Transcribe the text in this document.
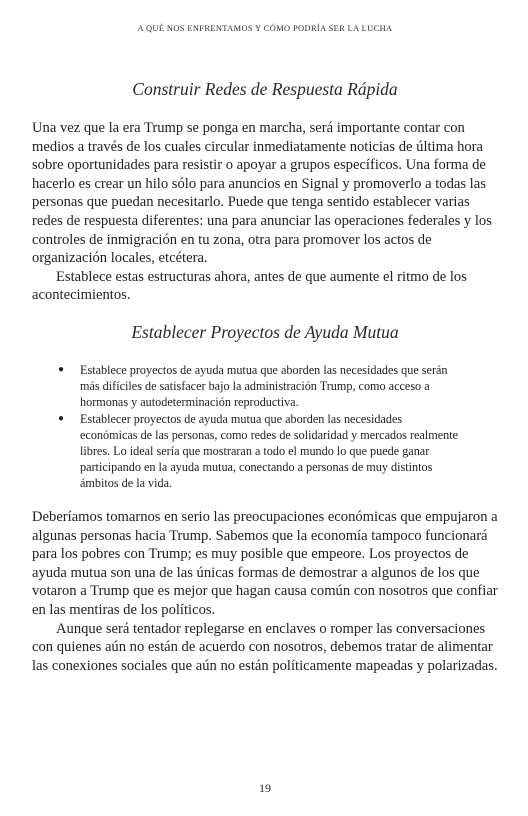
A QUÉ NOS ENFRENTAMOS Y CÓMO PODRÍA SER LA LUCHA
Construir Redes de Respuesta Rápida

Una vez que la era Trump se ponga en marcha, será importante contar con medios a través de los cuales circular inmediatamente noticias de última hora sobre oportunidades para resistir o apoyar a grupos específicos. Una forma de hacerlo es crear un hilo sólo para anuncios en Signal y promoverlo a todas las personas que puedan necesitarlo. Puede que tenga sentido establecer varias redes de respuesta diferentes: una para anunciar las operaciones federales y los controles de inmigración en tu zona, otra para promover los actos de organización locales, etcétera.

Establece estas estructuras ahora, antes de que aumente el ritmo de los acontecimientos.

Establecer Proyectos de Ayuda Mutua
● Establece proyectos de ayuda mutua que aborden las necesidades que serán más difíciles de satisfacer bajo la administración Trump, como acceso a hormonas y autodeterminación reproductiva.
● Establecer proyectos de ayuda mutua que aborden las necesidades económicas de las personas, como redes de solidaridad y mercados realmente libres. Lo ideal sería que mostraran a todo el mundo lo que puede ganar participando en la ayuda mutua, conectando a personas de muy distintos ámbitos de la vida.

Deberíamos tomarnos en serio las preocupaciones económicas que empujaron a algunas personas hacia Trump. Sabemos que la economía tampoco funcionará para los pobres con Trump; es muy posible que empeore. Los proyectos de ayuda mutua son una de las únicas formas de demostrar a algunos de los que votaron a Trump que es mejor que hagan causa común con nosotros que confiar en las mentiras de los políticos.

Aunque será tentador replegarse en enclaves o romper las conversaciones con quienes aún no están de acuerdo con nosotros, debemos tratar de alimentar las conexiones sociales que aún no están políticamente mapeadas y polarizadas.

19
